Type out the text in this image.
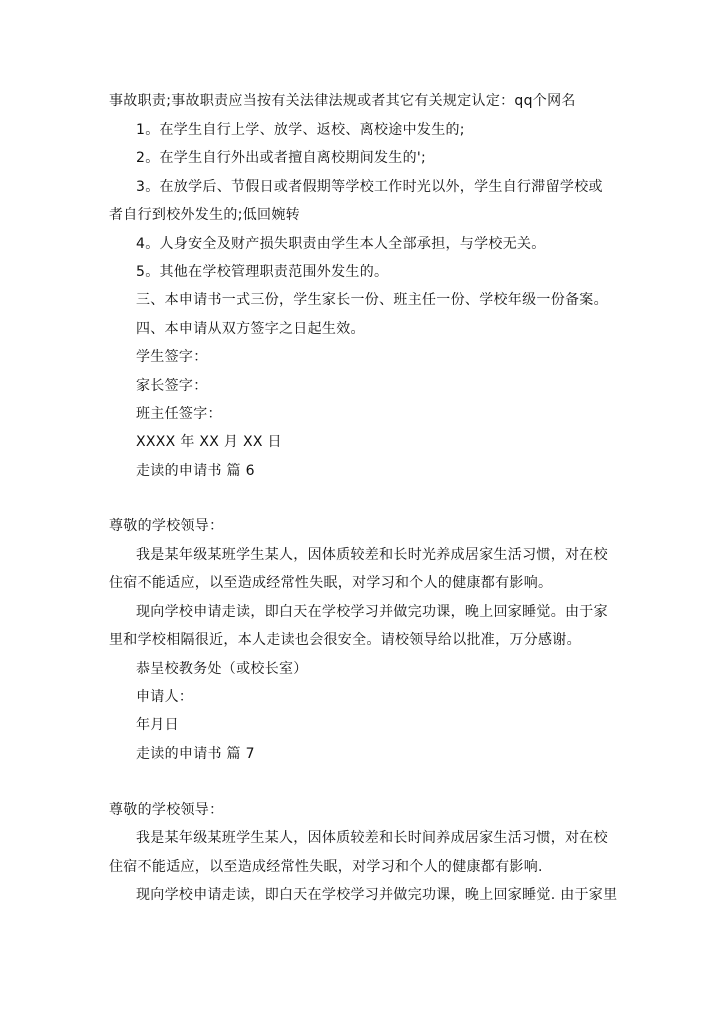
事故职责;事故职责应当按有关法律法规或者其它有关规定认定：qq个网名
1。在学生自行上学、放学、返校、离校途中发生的;
2。在学生自行外出或者擅自离校期间发生的';
3。在放学后、节假日或者假期等学校工作时光以外，学生自行滞留学校或
者自行到校外发生的;低回婉转
4。人身安全及财产损失职责由学生本人全部承担，与学校无关。
5。其他在学校管理职责范围外发生的。
三、本申请书一式三份，学生家长一份、班主任一份、学校年级一份备案。
四、本申请从双方签字之日起生效。
学生签字：
家长签字：
班主任签字：
XXXX 年 XX 月 XX 日
走读的申请书 篇 6
尊敬的学校领导：
我是某年级某班学生某人，因体质较差和长时光养成居家生活习惯，对在校
住宿不能适应，以至造成经常性失眠，对学习和个人的健康都有影响。
现向学校申请走读，即白天在学校学习并做完功课，晚上回家睡觉。由于家
里和学校相隔很近，本人走读也会很安全。请校领导给以批准，万分感谢。
恭呈校教务处（或校长室）
申请人：
年月日
走读的申请书 篇 7
尊敬的学校领导：
我是某年级某班学生某人，因体质较差和长时间养成居家生活习惯，对在校
住宿不能适应，以至造成经常性失眠，对学习和个人的健康都有影响.
现向学校申请走读，即白天在学校学习并做完功课，晚上回家睡觉. 由于家里
